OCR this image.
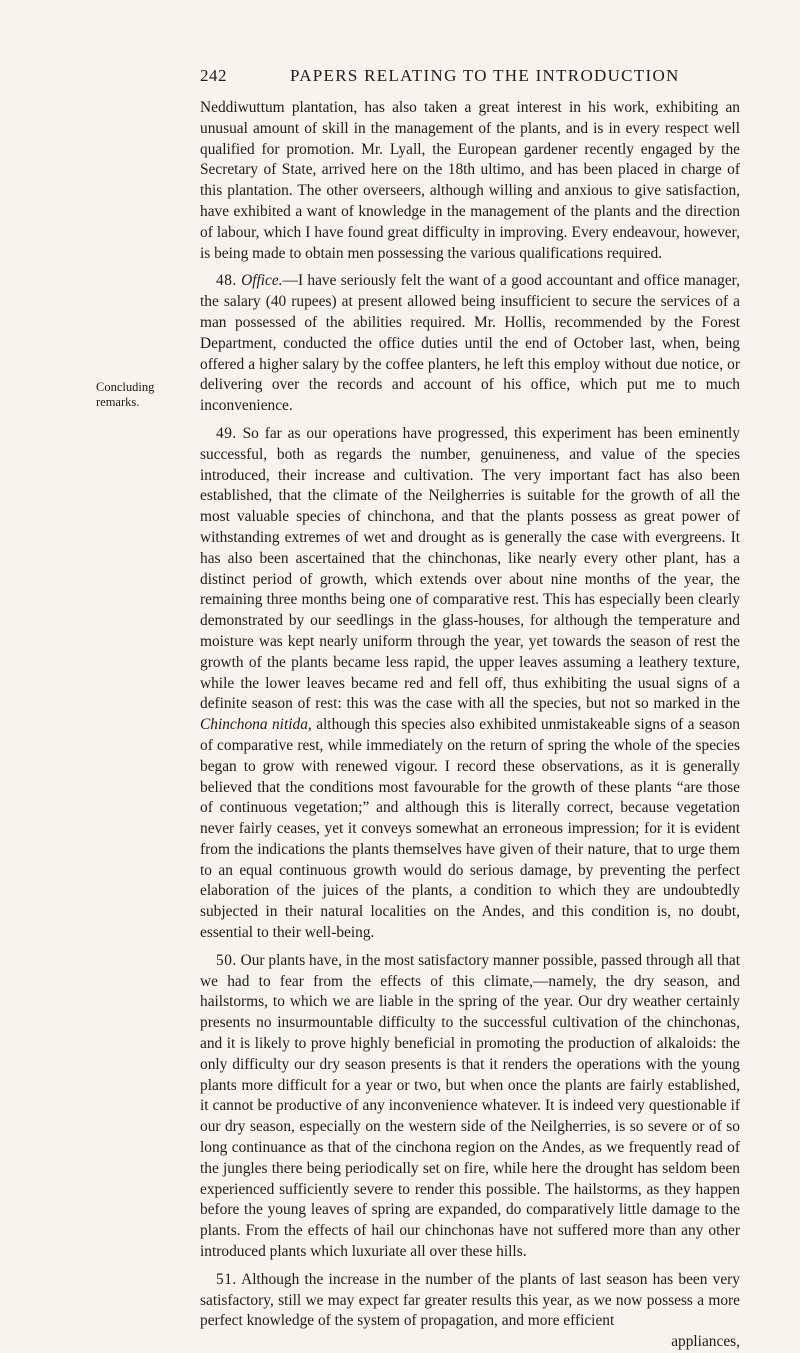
242	PAPERS RELATING TO THE INTRODUCTION
Concluding
remarks.

Neddiwuttum plantation, has also taken a great interest in his work, exhibiting an unusual amount of skill in the management of the plants, and is in every respect well qualified for promotion. Mr. Lyall, the European gardener recently engaged by the Secretary of State, arrived here on the 18th ultimo, and has been placed in charge of this plantation. The other overseers, although willing and anxious to give satisfaction, have exhibited a want of knowledge in the management of the plants and the direction of labour, which I have found great difficulty in improving. Every endeavour, however, is being made to obtain men possessing the various qualifications required.

48. Office.—I have seriously felt the want of a good accountant and office manager, the salary (40 rupees) at present allowed being insufficient to secure the services of a man possessed of the abilities required. Mr. Hollis, recommended by the Forest Department, conducted the office duties until the end of October last, when, being offered a higher salary by the coffee planters, he left this employ without due notice, or delivering over the records and account of his office, which put me to much inconvenience.

49. So far as our operations have progressed, this experiment has been eminently successful, both as regards the number, genuineness, and value of the species introduced, their increase and cultivation. The very important fact has also been established, that the climate of the Neilgherries is suitable for the growth of all the most valuable species of chinchona, and that the plants possess as great power of withstanding extremes of wet and drought as is generally the case with evergreens. It has also been ascertained that the chinchonas, like nearly every other plant, has a distinct period of growth, which extends over about nine months of the year, the remaining three months being one of comparative rest. This has especially been clearly demonstrated by our seedlings in the glass-houses, for although the temperature and moisture was kept nearly uniform through the year, yet towards the season of rest the growth of the plants became less rapid, the upper leaves assuming a leathery texture, while the lower leaves became red and fell off, thus exhibiting the usual signs of a definite season of rest: this was the case with all the species, but not so marked in the Chinchona nitida, although this species also exhibited unmistakeable signs of a season of comparative rest, while immediately on the return of spring the whole of the species began to grow with renewed vigour. I record these observations, as it is generally believed that the conditions most favourable for the growth of these plants “are those of continuous vegetation;” and although this is literally correct, because vegetation never fairly ceases, yet it conveys somewhat an erroneous impression; for it is evident from the indications the plants themselves have given of their nature, that to urge them to an equal continuous growth would do serious damage, by preventing the perfect elaboration of the juices of the plants, a condition to which they are undoubtedly subjected in their natural localities on the Andes, and this condition is, no doubt, essential to their well-being.

50. Our plants have, in the most satisfactory manner possible, passed through all that we had to fear from the effects of this climate,—namely, the dry season, and hailstorms, to which we are liable in the spring of the year. Our dry weather certainly presents no insurmountable difficulty to the successful cultivation of the chinchonas, and it is likely to prove highly beneficial in promoting the production of alkaloids: the only difficulty our dry season presents is that it renders the operations with the young plants more difficult for a year or two, but when once the plants are fairly established, it cannot be productive of any inconvenience whatever. It is indeed very questionable if our dry season, especially on the western side of the Neilgherries, is so severe or of so long continuance as that of the cinchona region on the Andes, as we frequently read of the jungles there being periodically set on fire, while here the drought has seldom been experienced sufficiently severe to render this possible. The hailstorms, as they happen before the young leaves of spring are expanded, do comparatively little damage to the plants. From the effects of hail our chinchonas have not suffered more than any other introduced plants which luxuriate all over these hills.

51. Although the increase in the number of the plants of last season has been very satisfactory, still we may expect far greater results this year, as we now possess a more perfect knowledge of the system of propagation, and more efficient
appliances,
